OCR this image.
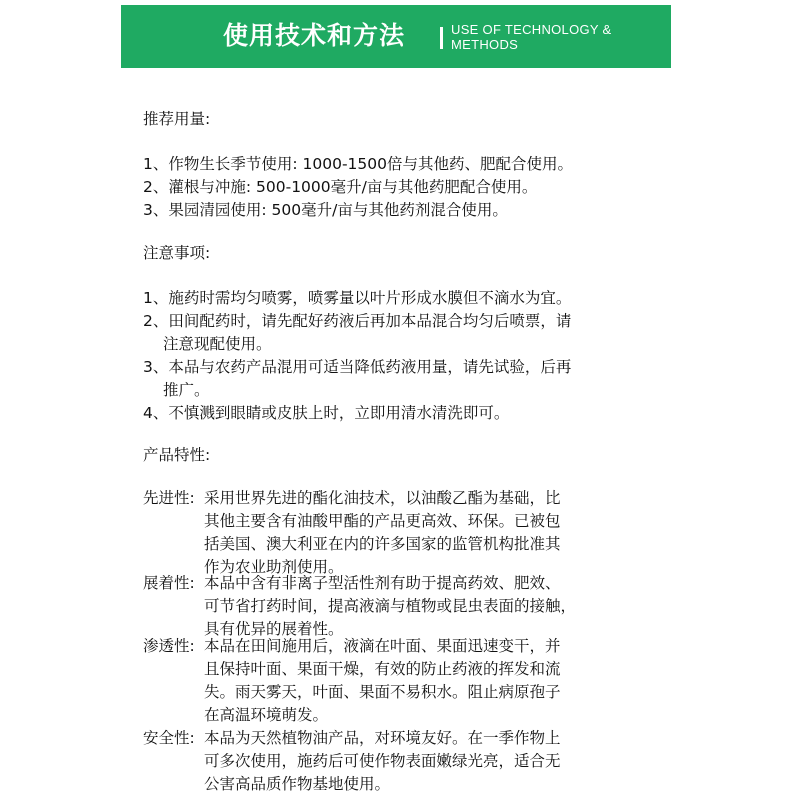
使用技术和方法	USE OF TECHNOLOGY &
METHODS
推荐用量:
1、作物生长季节使用: 1000-1500倍与其他药、肥配合使用。
2、灌根与冲施: 500-1000毫升/亩与其他药肥配合使用。
3、果园清园使用: 500毫升/亩与其他药剂混合使用。
注意事项:
1、施药时需均匀喷雾，喷雾量以叶片形成水膜但不滴水为宜。
2、田间配药时，请先配好药液后再加本品混合均匀后喷票，请
注意现配使用。
3、本品与农药产品混用可适当降低药液用量，请先试验，后再
推广。
4、不慎溅到眼睛或皮肤上时，立即用清水清洗即可。
产品特性:
先进性: 采用世界先进的酯化油技术，以油酸乙酯为基础，比
其他主要含有油酸甲酯的产品更高效、环保。已被包
括美国、澳大利亚在内的许多国家的监管机构批准其
作为农业助剂使用。
展着性: 本品中含有非离子型活性剂有助于提高药效、肥效、
可节省打药时间，提高液滴与植物或昆虫表面的接触，
具有优异的展着性。
渗透性: 本品在田间施用后，液滴在叶面、果面迅速变干，并
且保持叶面、果面干燥，有效的防止药液的挥发和流
失。雨天雾天，叶面、果面不易积水。阻止病原孢子
在高温环境萌发。
安全性: 本品为天然植物油产品，对环境友好。在一季作物上
可多次使用，施药后可使作物表面嫩绿光亮，适合无
公害高品质作物基地使用。
